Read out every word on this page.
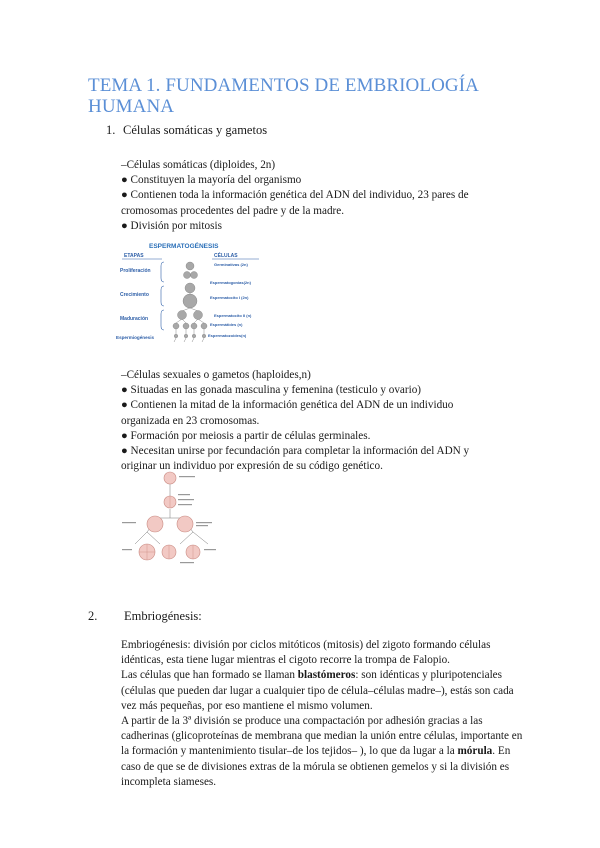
TEMA 1. FUNDAMENTOS DE EMBRIOLOGÍA HUMANA
1. Células somáticas y gametos

–Células somáticas (diploides, 2n)

● Constituyen la mayoría del organismo

● Contienen toda la información genética del ADN del individuo, 23 pares de cromosomas procedentes del padre y de la madre.

● División por mitosis

ESPERMATOGÉNESIS
ETAPAS	CÉLULAS
Proliferación
Crecimiento
Maduración
Espermiogénesis
Germinativas (2n)
Espermatogonias(2n)
Espermatocito I (2n)
Espermatocito II (n)
Espermátides (n)
Espermatozoides(n)

–Células sexuales o gametos (haploides,n)

● Situadas en las gonada masculina y femenina (testiculo y ovario)

● Contienen la mitad de la información genética del ADN de un individuo organizada en 23 cromosomas.

● Formación por meiosis a partir de células germinales.

● Necesitan unirse por fecundación para completar la información del ADN y originar un individuo por expresión de su código genético.

2. Embriogénesis:

Embriogénesis: división por ciclos mitóticos (mitosis) del zigoto formando células idénticas, esta tiene lugar mientras el cigoto recorre la trompa de Falopio.

Las células que han formado se llaman blastómeros: son idénticas y pluripotenciales (células que pueden dar lugar a cualquier tipo de célula–células madre–), estás son cada vez más pequeñas, por eso mantiene el mismo volumen.

A partir de la 3ª división se produce una compactación por adhesión gracias a las cadherinas (glicoproteínas de membrana que median la unión entre células, importante en la formación y mantenimiento tisular–de los tejidos– ), lo que da lugar a la mórula. En caso de que se de divisiones extras de la mórula se obtienen gemelos y si la división es incompleta siameses.
